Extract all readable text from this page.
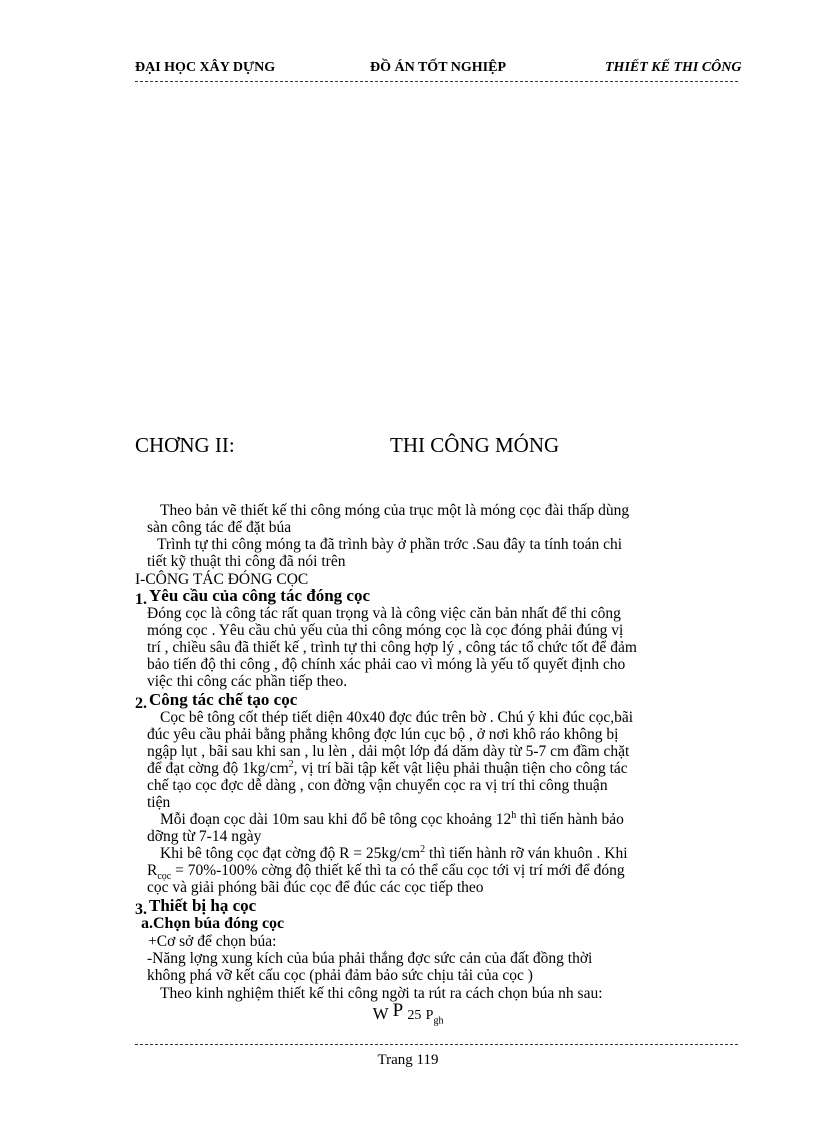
ĐẠI HỌC XÂY DỰNG	ĐỒ ÁN TỐT NGHIỆP	THIẾT KẾ THI CÔNG
CHƠNG II:	THI CÔNG MÓNG
Theo bản vẽ thiết kế thi công móng của trục một là móng cọc đài thấp dùng
sàn công tác để đặt búa
Trình tự thi công móng ta đã trình bày ở phần trớc .Sau đây ta tính toán chi
tiết kỹ thuật thi công đã nói trên
I-CÔNG TÁC ĐÓNG CỌC
1. Yêu cầu của công tác đóng cọc
Đóng cọc là công tác rất quan trọng và là công việc căn bản nhất để thi công
móng cọc . Yêu cầu chủ yếu của thi công móng cọc là cọc đóng phải đúng vị
trí , chiều sâu đã thiết kế , trình tự thi công hợp lý , công tác tổ chức tốt để đảm
bảo tiến độ thi công , độ chính xác phải cao vì móng là yếu tố quyết định cho
việc thi công các phần tiếp theo.
2. Công tác chế tạo cọc
Cọc bê tông cốt thép tiết diện 40x40 đợc đúc trên bờ . Chú ý khi đúc cọc,bãi
đúc yêu cầu phải bằng phẳng không đợc lún cục bộ , ở nơi khô ráo không bị
ngập lụt , bãi sau khi san , lu lèn , dải một lớp đá dăm dày từ 5-7 cm đầm chặt
để đạt cờng độ $1kg/cm^2$, vị trí bãi tập kết vật liệu phải thuận tiện cho công tác
chế tạo cọc đợc dễ dàng , con đờng vận chuyển cọc ra vị trí thi công thuận
tiện
Mỗi đoạn cọc dài 10m sau khi đổ bê tông cọc khoảng 12$^h$ thì tiến hành bảo
dỡng từ 7-14 ngày
Khi bê tông cọc đạt cờng độ $R = 25kg/cm^2$ thì tiến hành rỡ ván khuôn . Khi
$R_{cọc} = 70\%-100\%$ cờng độ thiết kế thì ta có thể cẩu cọc tới vị trí mới để đóng
cọc và giải phóng bãi đúc cọc để đúc các cọc tiếp theo
3. Thiết bị hạ cọc
a.Chọn búa đóng cọc
+Cơ sở để chọn búa:
-Năng lợng xung kích của búa phải thắng đợc sức cản của đất đồng thời
không phá vỡ kết cấu cọc (phải đảm bảo sức chịu tải của cọc )
Theo kinh nghiệm thiết kế thi công ngời ta rút ra cách chọn búa nh sau:
W P 25 $P_{gh}$
Trang 119
